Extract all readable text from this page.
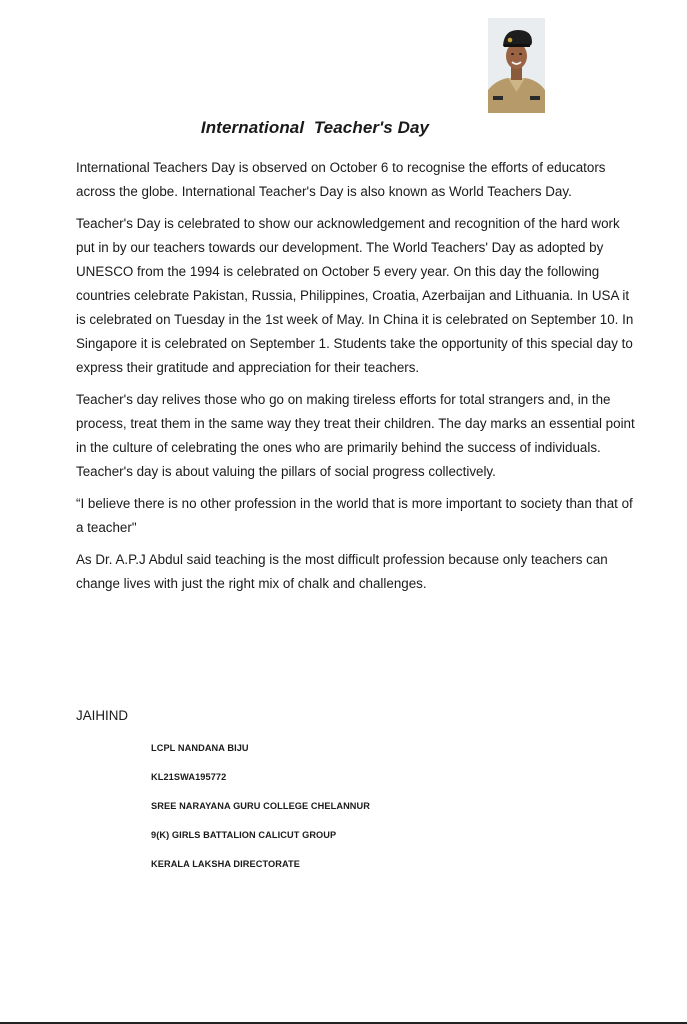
International  Teacher's Day

International Teachers Day is observed on October 6 to recognise the efforts of educators across the globe. International Teacher's Day is also known as World Teachers Day.

Teacher's Day is celebrated to show our acknowledgement and recognition of the hard work put in by our teachers towards our development. The World Teachers' Day as adopted by UNESCO from the 1994 is celebrated on October 5 every year. On this day the following countries celebrate Pakistan, Russia, Philippines, Croatia, Azerbaijan and Lithuania. In USA it is celebrated on Tuesday in the 1st week of May. In China it is celebrated on September 10. In Singapore it is celebrated on September 1. Students take the opportunity of this special day to express their gratitude and appreciation for their teachers.

Teacher's day relives those who go on making tireless efforts for total strangers and, in the process, treat them in the same way they treat their children. The day marks an essential point in the culture of celebrating the ones who are primarily behind the success of individuals. Teacher's day is about valuing the pillars of social progress collectively.

“I believe there is no other profession in the world that is more important to society than that of a teacher"

As Dr. A.P.J Abdul said teaching is the most difficult profession because only teachers can change lives with just the right mix of chalk and challenges.

JAIHIND
LCPL NANDANA BIJU
KL21SWA195772
SREE NARAYANA GURU COLLEGE CHELANNUR
9(K) GIRLS BATTALION CALICUT GROUP
KERALA LAKSHA DIRECTORATE
